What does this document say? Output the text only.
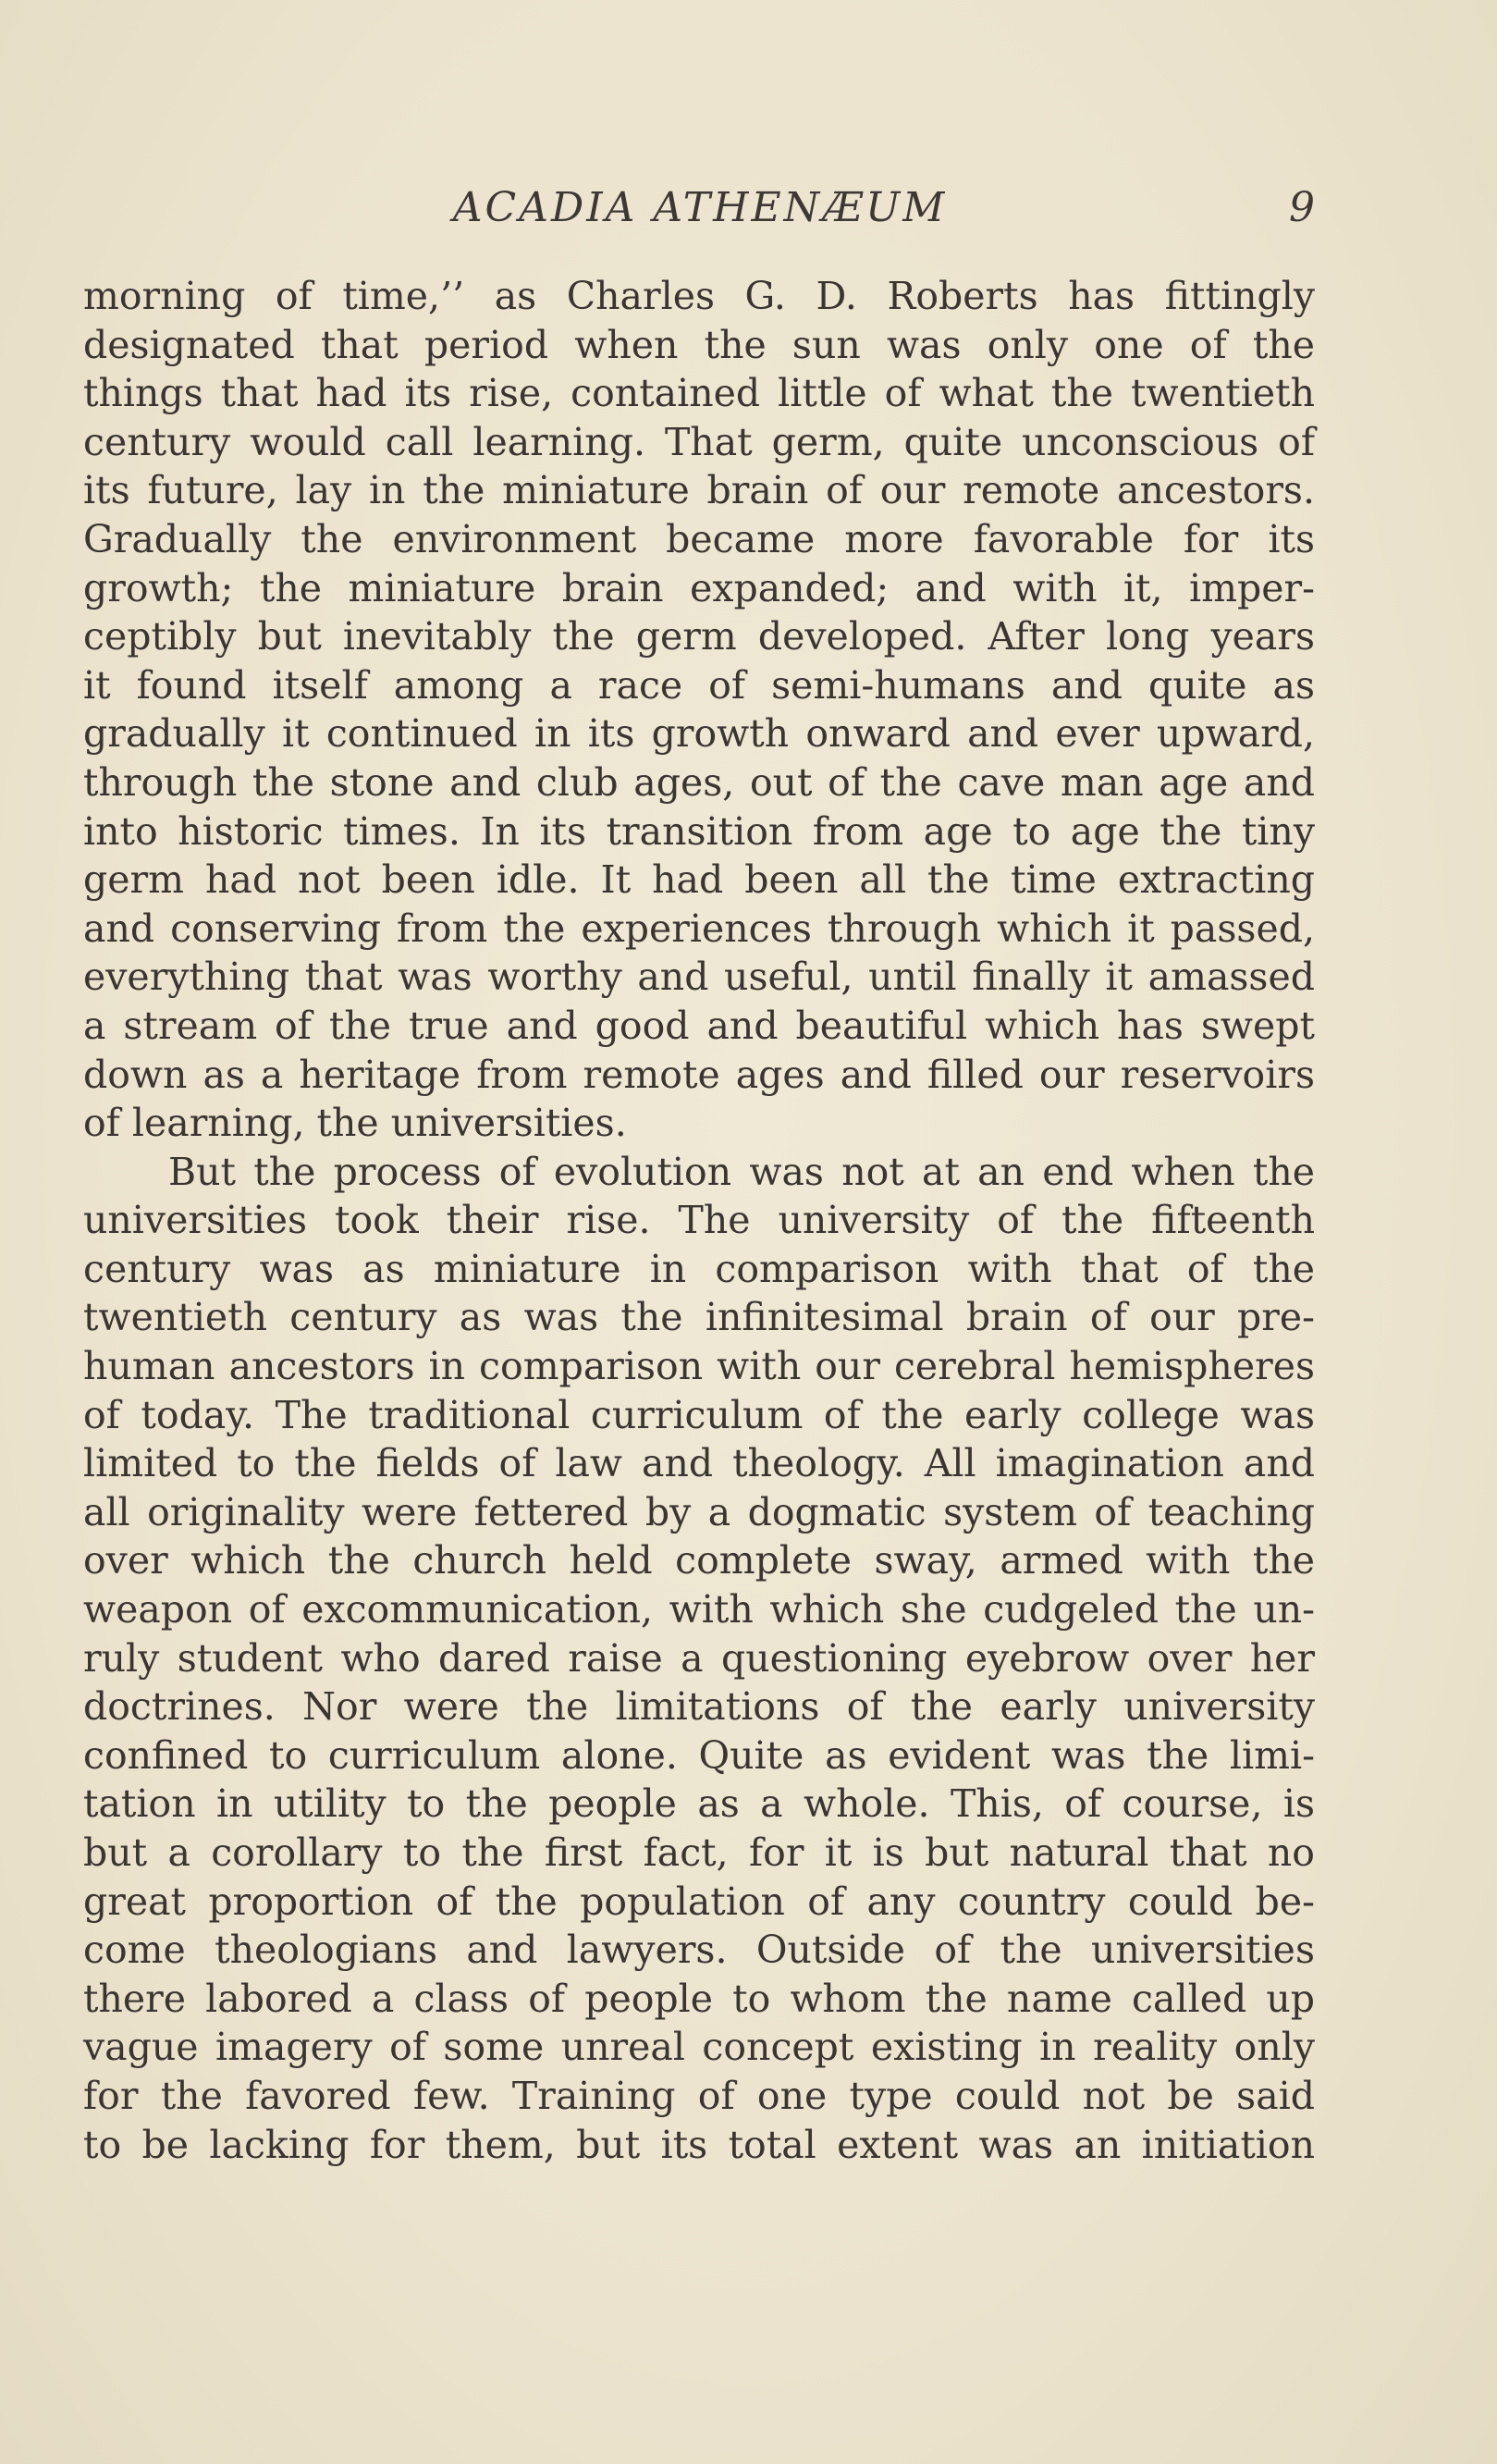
ACADIA ATHENÆUM	9
morning of time,’’ as Charles G. D. Roberts has fittingly
designated that period when the sun was only one of the
things that had its rise, contained little of what the twentieth
century would call learning. That germ, quite unconscious of
its future, lay in the miniature brain of our remote ancestors.
Gradually the environment became more favorable for its
growth; the miniature brain expanded; and with it, imper-
ceptibly but inevitably the germ developed. After long years
it found itself among a race of semi-humans and quite as
gradually it continued in its growth onward and ever upward,
through the stone and club ages, out of the cave man age and
into historic times. In its transition from age to age the tiny
germ had not been idle. It had been all the time extracting
and conserving from the experiences through which it passed,
everything that was worthy and useful, until finally it amassed
a stream of the true and good and beautiful which has swept
down as a heritage from remote ages and filled our reservoirs
of learning, the universities.
But the process of evolution was not at an end when the
universities took their rise. The university of the fifteenth
century was as miniature in comparison with that of the
twentieth century as was the infinitesimal brain of our pre-
human ancestors in comparison with our cerebral hemispheres
of today. The traditional curriculum of the early college was
limited to the fields of law and theology. All imagination and
all originality were fettered by a dogmatic system of teaching
over which the church held complete sway, armed with the
weapon of excommunication, with which she cudgeled the un-
ruly student who dared raise a questioning eyebrow over her
doctrines. Nor were the limitations of the early university
confined to curriculum alone. Quite as evident was the limi-
tation in utility to the people as a whole. This, of course, is
but a corollary to the first fact, for it is but natural that no
great proportion of the population of any country could be-
come theologians and lawyers. Outside of the universities
there labored a class of people to whom the name called up
vague imagery of some unreal concept existing in reality only
for the favored few. Training of one type could not be said
to be lacking for them, but its total extent was an initiation
